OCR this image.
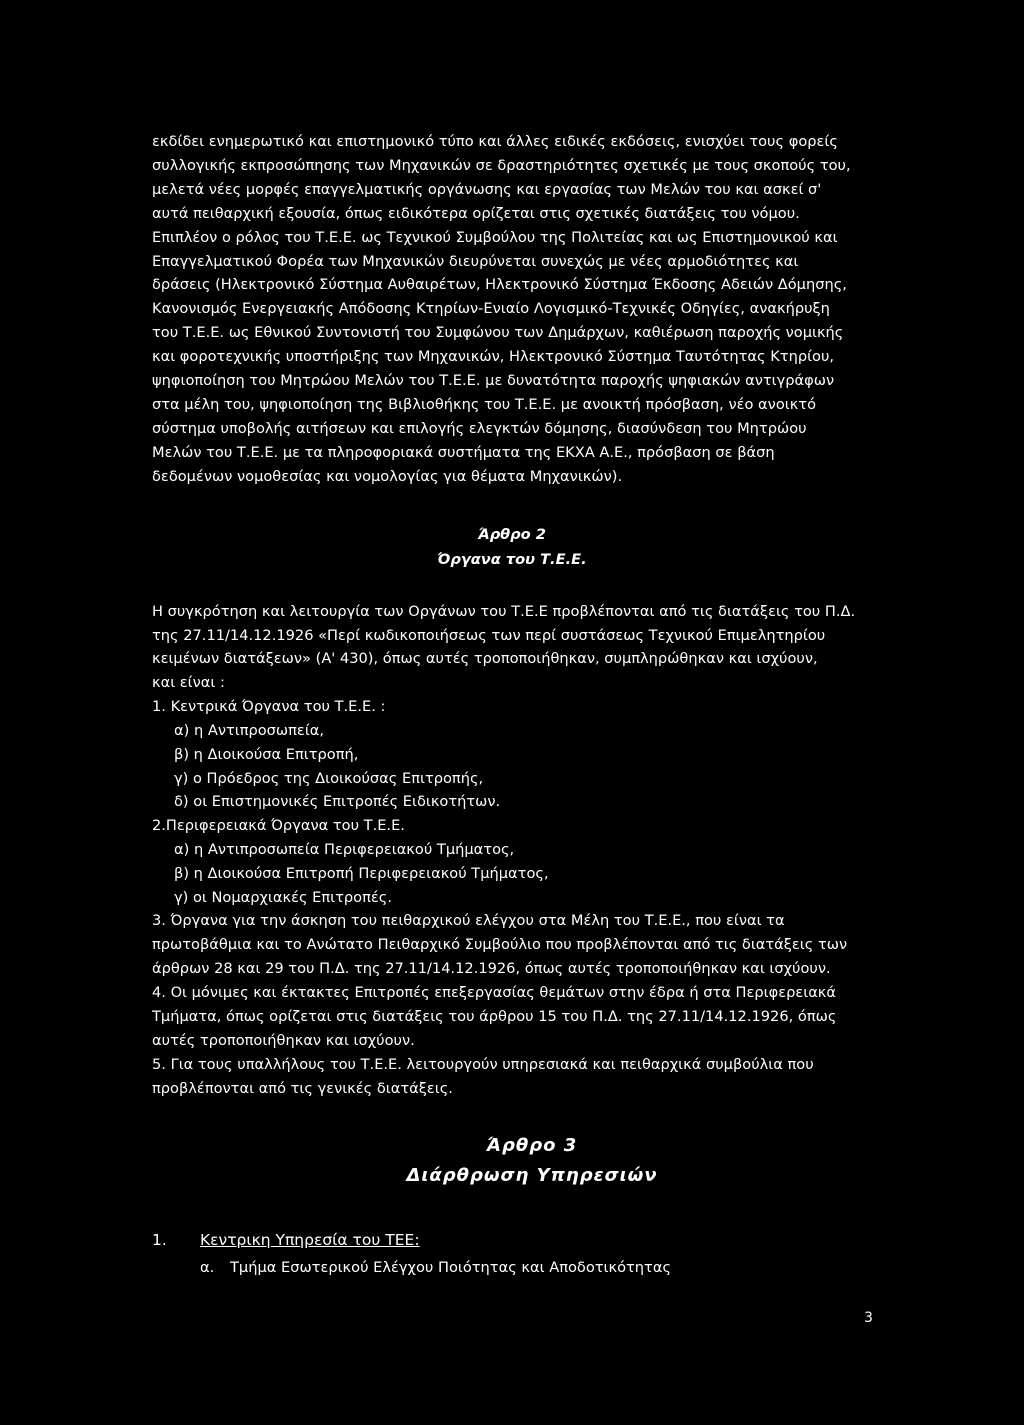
εκδίδει ενημερωτικό και επιστημονικό τύπο και άλλες ειδικές εκδόσεις, ενισχύει τους φορείς

συλλογικής εκπροσώπησης των Μηχανικών σε δραστηριότητες σχετικές με τους σκοπούς του,

μελετά νέες μορφές επαγγελματικής οργάνωσης και εργασίας των Μελών του και ασκεί σ'

αυτά πειθαρχική εξουσία, όπως ειδικότερα ορίζεται στις σχετικές διατάξεις του νόμου.

Επιπλέον ο ρόλος του Τ.Ε.Ε. ως Τεχνικού Συμβούλου της Πολιτείας και ως Επιστημονικού και

Επαγγελματικού Φορέα των Μηχανικών διευρύνεται συνεχώς με νέες αρμοδιότητες και

δράσεις (Ηλεκτρονικό Σύστημα Αυθαιρέτων, Ηλεκτρονικό Σύστημα Έκδοσης Αδειών Δόμησης,

Κανονισμός Ενεργειακής Απόδοσης Κτηρίων-Ενιαίο Λογισμικό-Τεχνικές Οδηγίες, ανακήρυξη

του Τ.Ε.Ε. ως Εθνικού Συντονιστή του Συμφώνου των Δημάρχων, καθιέρωση παροχής νομικής

και φοροτεχνικής υποστήριξης των Μηχανικών, Ηλεκτρονικό Σύστημα Ταυτότητας Κτηρίου,

ψηφιοποίηση του Μητρώου Μελών του Τ.Ε.Ε. με δυνατότητα παροχής ψηφιακών αντιγράφων

στα μέλη του, ψηφιοποίηση της Βιβλιοθήκης του Τ.Ε.Ε. με ανοικτή πρόσβαση, νέο ανοικτό

σύστημα υποβολής αιτήσεων και επιλογής ελεγκτών δόμησης, διασύνδεση του Μητρώου

Μελών του Τ.Ε.Ε. με τα πληροφοριακά συστήματα της ΕΚΧΑ Α.Ε., πρόσβαση σε βάση

δεδομένων νομοθεσίας και νομολογίας για θέματα Μηχανικών).

Άρθρο 2

Όργανα του Τ.Ε.Ε.

Η συγκρότηση και λειτουργία των Οργάνων του Τ.Ε.Ε προβλέπονται από τις διατάξεις του Π.Δ.

της 27.11/14.12.1926 «Περί κωδικοποιήσεως των περί συστάσεως Τεχνικού Επιμελητηρίου

κειμένων διατάξεων» (Α' 430), όπως αυτές τροποποιήθηκαν, συμπληρώθηκαν και ισχύουν,

και είναι :

1. Κεντρικά Όργανα του Τ.Ε.Ε. :

α) η Αντιπροσωπεία,

β) η Διοικούσα Επιτροπή,

γ) ο Πρόεδρος της Διοικούσας Επιτροπής,

δ) οι Επιστημονικές Επιτροπές Ειδικοτήτων.

2.Περιφερειακά Όργανα του Τ.Ε.Ε.

α) η Αντιπροσωπεία Περιφερειακού Τμήματος,

β) η Διοικούσα Επιτροπή Περιφερειακού Τμήματος,

γ) οι Νομαρχιακές Επιτροπές.

3. Όργανα για την άσκηση του πειθαρχικού ελέγχου στα Μέλη του Τ.Ε.Ε., που είναι τα

πρωτοβάθμια και το Ανώτατο Πειθαρχικό Συμβούλιο που προβλέπονται από τις διατάξεις των

άρθρων 28 και 29 του Π.Δ. της 27.11/14.12.1926, όπως αυτές τροποποιήθηκαν και ισχύουν.

4. Οι μόνιμες και έκτακτες Επιτροπές επεξεργασίας θεμάτων στην έδρα ή στα Περιφερειακά

Τμήματα, όπως ορίζεται στις διατάξεις του άρθρου 15 του Π.Δ. της 27.11/14.12.1926, όπως

αυτές τροποποιήθηκαν και ισχύουν.

5. Για τους υπαλλήλους του Τ.Ε.Ε. λειτουργούν υπηρεσιακά και πειθαρχικά συμβούλια που

προβλέπονται από τις γενικές διατάξεις.

Άρθρο 3

Διάρθρωση Υπηρεσιών

1. Κεντρικη Υπηρεσία του ΤΕΕ:

α. Τμήμα Εσωτερικού Ελέγχου Ποιότητας και Αποδοτικότητας

3
